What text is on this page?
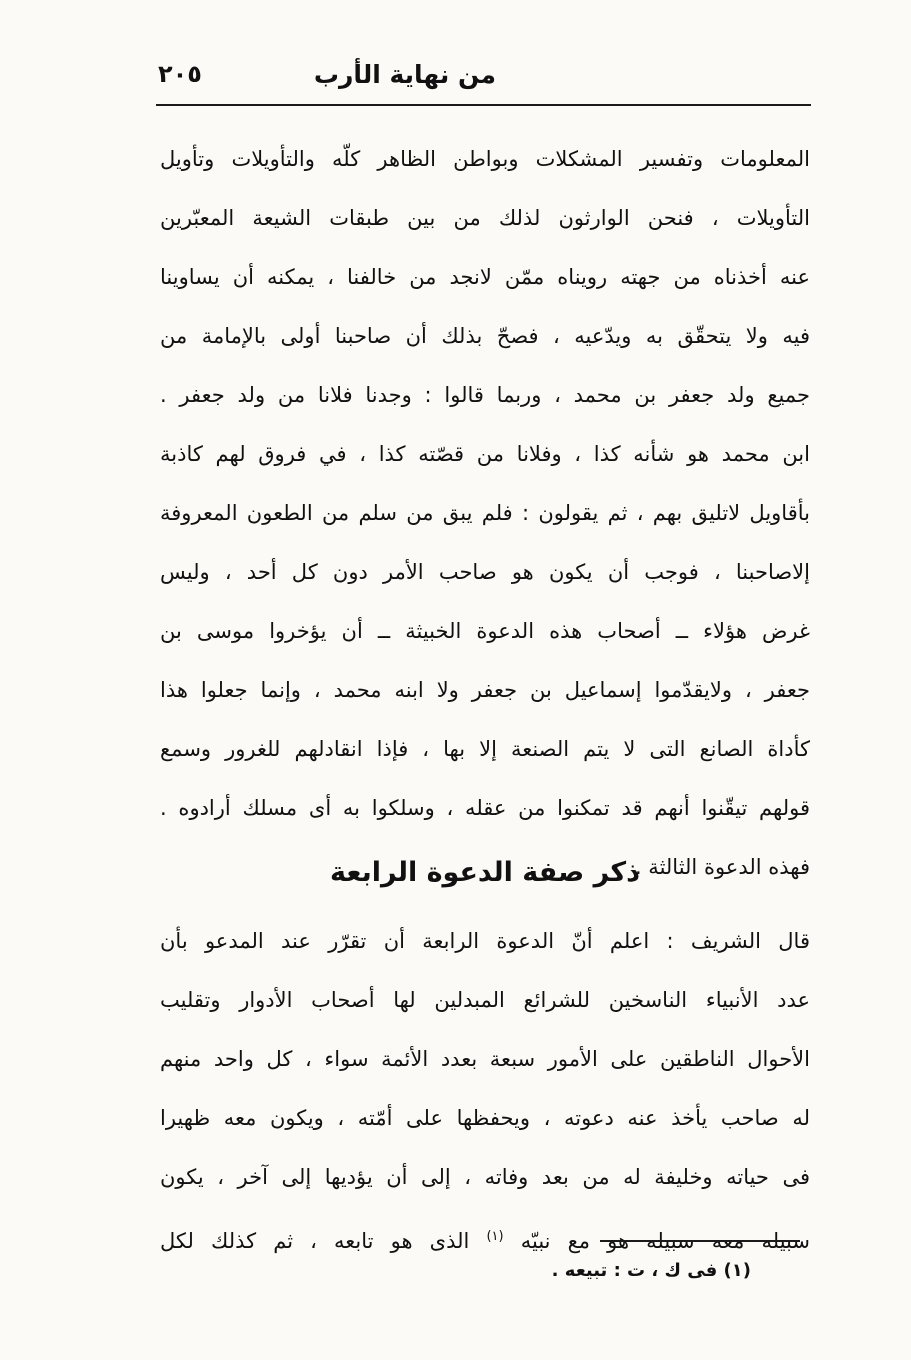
من نهاية الأرب
٢٠٥
المعلومات وتفسير المشكلات وبواطن الظاهر كلّه والتأويلات وتأويل
التأويلات ، فنحن الوارثون لذلك من بين طبقات الشيعة المعبّرين
عنه أخذناه من جهته رويناه ممّن لانجد من خالفنا ، يمكنه أن يساوينا
فيه ولا يتحقّق به ويدّعيه ، فصحّ بذلك أن صاحبنا أولى بالإمامة من
جميع ولد جعفر بن محمد ، وربما قالوا : وجدنا فلانا من ولد جعفر .
ابن محمد هو شأنه كذا ، وفلانا من قصّته كذا ، في فروق لهم كاذبة
بأقاويل لاتليق بهم ، ثم يقولون : فلم يبق من سلم من الطعون المعروفة
إلاصاحبنا ، فوجب أن يكون هو صاحب الأمر دون كل أحد ، وليس
غرض هؤلاء ــ أصحاب هذه الدعوة الخبيثة ــ أن يؤخروا موسى بن
جعفر ، ولايقدّموا إسماعيل بن جعفر ولا ابنه محمد ، وإنما جعلوا هذا
كأداة الصانع التى لا يتم الصنعة إلا بها ، فإذا انقادلهم للغرور وسمع
قولهم تيقّنوا أنهم قد تمكنوا من عقله ، وسلكوا به أى مسلك أرادوه .
فهذه الدعوة الثالثة .
ذكر صفة الدعوة الرابعة
قال الشريف : اعلم أنّ الدعوة الرابعة أن تقرّر عند المدعو بأن
عدد الأنبياء الناسخين للشرائع المبدلين لها أصحاب الأدوار وتقليب
الأحوال الناطقين على الأمور سبعة بعدد الأئمة سواء ، كل واحد منهم
له صاحب يأخذ عنه دعوته ، ويحفظها على أمّته ، ويكون معه ظهيرا
فى حياته وخليفة له من بعد وفاته ، إلى أن يؤديها إلى آخر ، يكون
سبيله معه سبيله هو مع نبيّه $^{(١)}$ الذى هو تابعه ، ثم كذلك لكل
(١) فى ك ، ت : تبيعه .
